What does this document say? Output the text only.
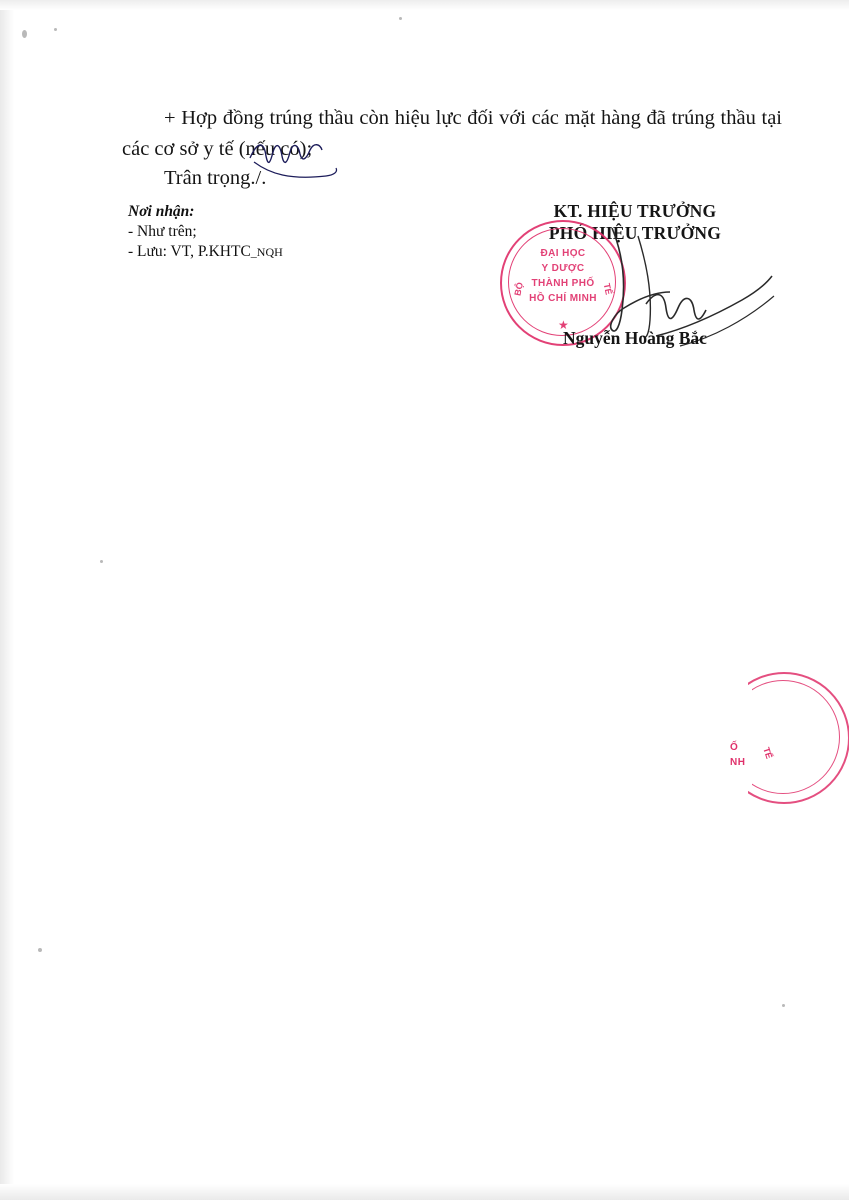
+ Hợp đồng trúng thầu còn hiệu lực đối với các mặt hàng đã trúng thầu tại các cơ sở y tế (nếu có);

Trân trọng./.

Nơi nhận:
- Như trên;
- Lưu: VT, P.KHTC_NQH
KT. HIỆU TRƯỞNG
PHÓ HIỆU TRƯỞNG
ĐẠI HỌC
Y DƯỢC
THÀNH PHỐ
HỒ CHÍ MINH
BỘ	TẾ
★
Nguyễn Hoàng Bắc
Ố
NH
TẾ
